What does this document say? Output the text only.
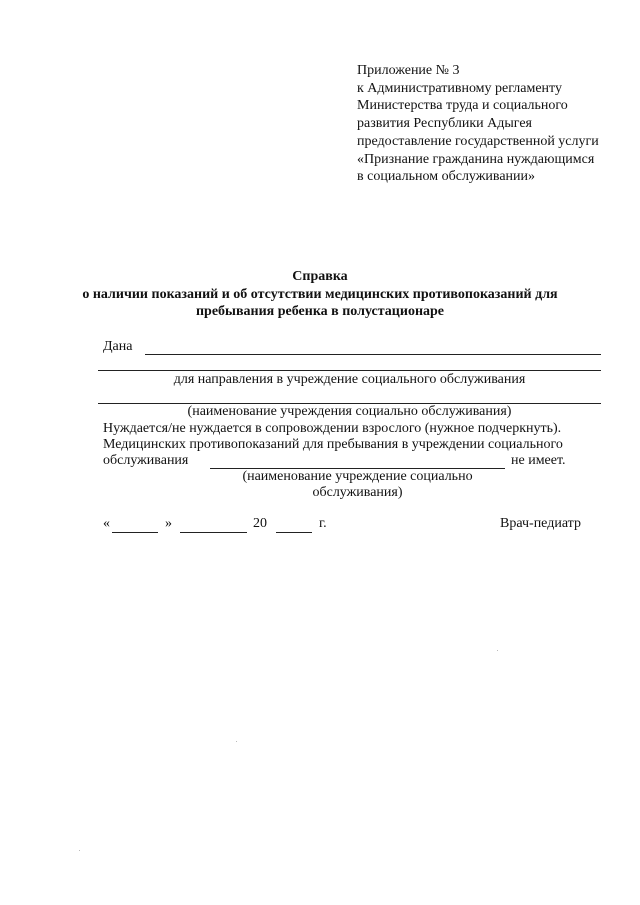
Приложение № 3
к Административному регламенту
Министерства труда и социального
развития Республики Адыгея
предоставление государственной услуги
«Признание гражданина нуждающимся
в социальном обслуживании»
Справка
о наличии показаний и об отсутствии медицинских противопоказаний для
пребывания ребенка в полустационаре
Дана
для направления в учреждение социального обслуживания
(наименование учреждения социально обслуживания)
Нуждается/не нуждается в сопровождении взрослого (нужное подчеркнуть).
Медицинских противопоказаний для пребывания в учреждении социального
обслуживания	не имеет.
(наименование учреждение социально
обслуживания)
«	»	20	г.	Врач-педиатр
